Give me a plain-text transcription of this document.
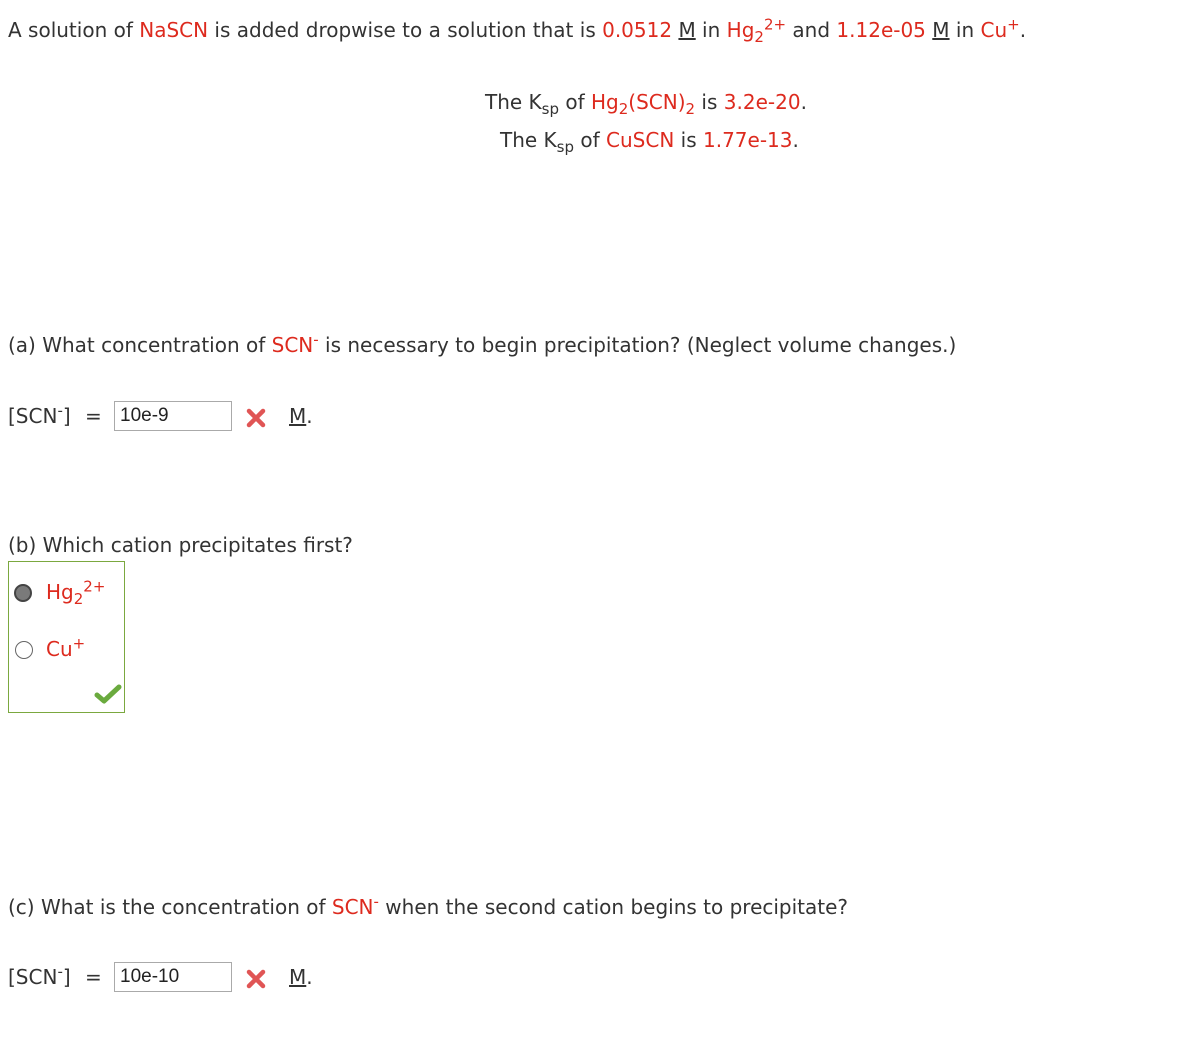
A solution of NaSCN is added dropwise to a solution that is 0.0512 M in $Hg_2^{2+}$ and 1.12e-05 M in Cu+.
The $K_{sp}$ of $Hg_2(SCN)_2$ is 3.2e-20.
The $K_{sp}$ of CuSCN is 1.77e-13.
(a) What concentration of SCN- is necessary to begin precipitation? (Neglect volume changes.)
[SCN-] =
10e-9	M.
(b) Which cation precipitates first?
$Hg_2^{2+}$
Cu+
(c) What is the concentration of SCN- when the second cation begins to precipitate?
[SCN-] =
10e-10	M.
